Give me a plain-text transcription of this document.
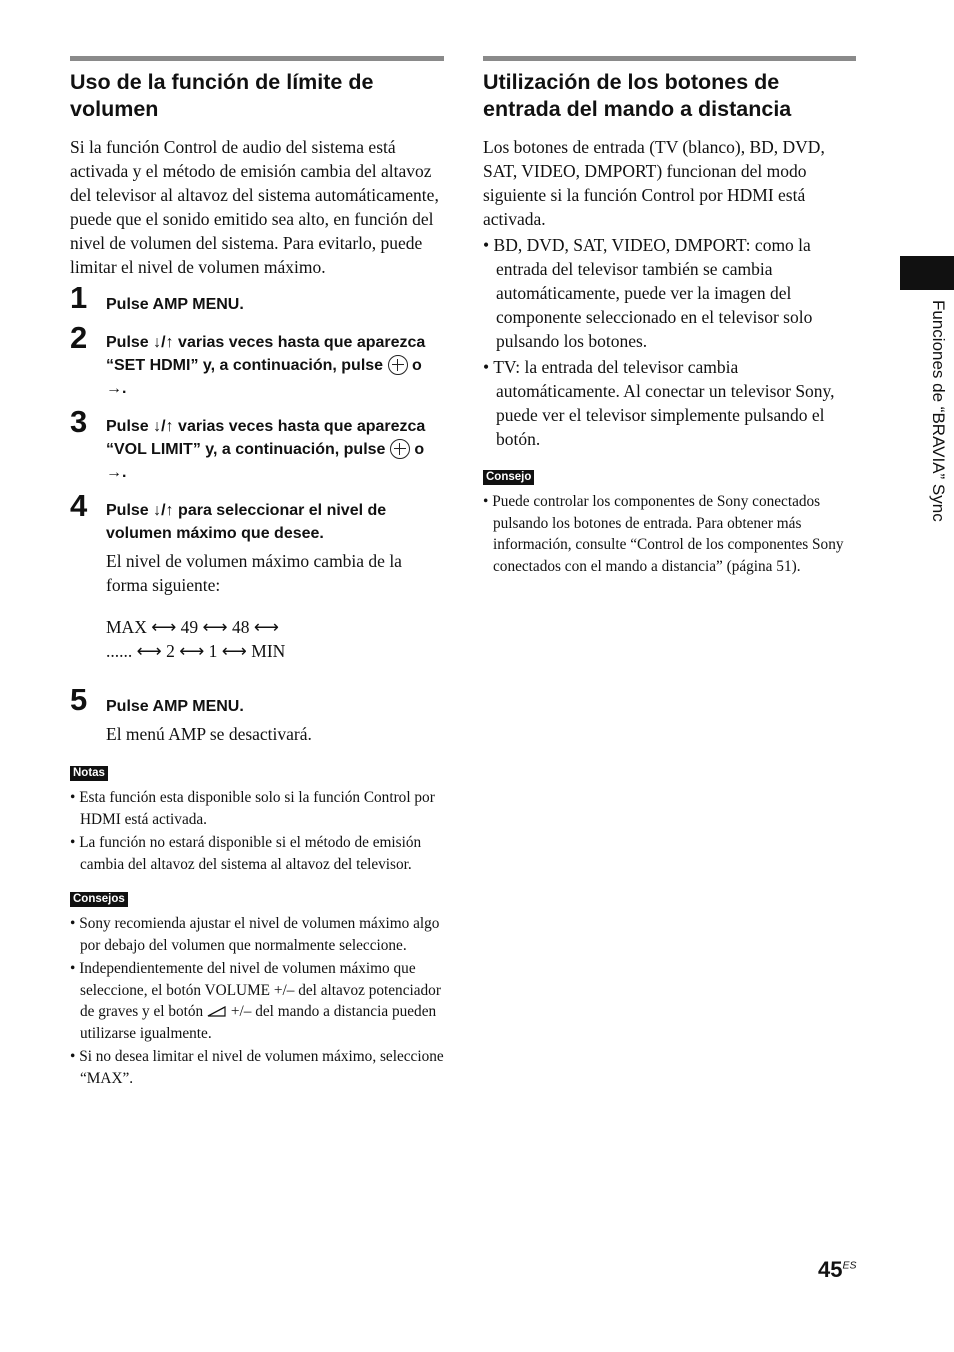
Uso de la función de límite de volumen

Si la función Control de audio del sistema está activada y el método de emisión cambia del altavoz del televisor al altavoz del sistema automáticamente, puede que el sonido emitido sea alto, en función del nivel de volumen del sistema. Para evitarlo, puede limitar el nivel de volumen máximo.

1 Pulse AMP MENU.
2 Pulse ↓/↑ varias veces hasta que aparezca “SET HDMI” y, a continuación, pulse  o →.
3 Pulse ↓/↑ varias veces hasta que aparezca “VOL LIMIT” y, a continuación, pulse  o →.
4 Pulse ↓/↑ para seleccionar el nivel de volumen máximo que desee.

El nivel de volumen máximo cambia de la forma siguiente:

MAX ⟷ 49 ⟷ 48 ⟷
...... ⟷ 2 ⟷ 1 ⟷ MIN

5 Pulse AMP MENU.

El menú AMP se desactivará.

Notas
• Esta función esta disponible solo si la función Control por HDMI está activada.
• La función no estará disponible si el método de emisión cambia del altavoz del sistema al altavoz del televisor.
Consejos
• Sony recomienda ajustar el nivel de volumen máximo algo por debajo del volumen que normalmente seleccione.
• Independientemente del nivel de volumen máximo que seleccione, el botón VOLUME +/– del altavoz potenciador de graves y el botón  +/– del mando a distancia pueden utilizarse igualmente.
• Si no desea limitar el nivel de volumen máximo, seleccione “MAX”.
Utilización de los botones de entrada del mando a distancia

Los botones de entrada (TV (blanco), BD, DVD, SAT, VIDEO, DMPORT) funcionan del modo siguiente si la función Control por HDMI está activada.

• BD, DVD, SAT, VIDEO, DMPORT: como la entrada del televisor también se cambia automáticamente, puede ver la imagen del componente seleccionado en el televisor solo pulsando los botones.
• TV: la entrada del televisor cambia automáticamente. Al conectar un televisor Sony, puede ver el televisor simplemente pulsando el botón.
Consejo
• Puede controlar los componentes de Sony conectados pulsando los botones de entrada. Para obtener más información, consulte “Control de los componentes Sony conectados con el mando a distancia” (página 51).
Funciones de “BRAVIA” Sync
$45^{ES}$
